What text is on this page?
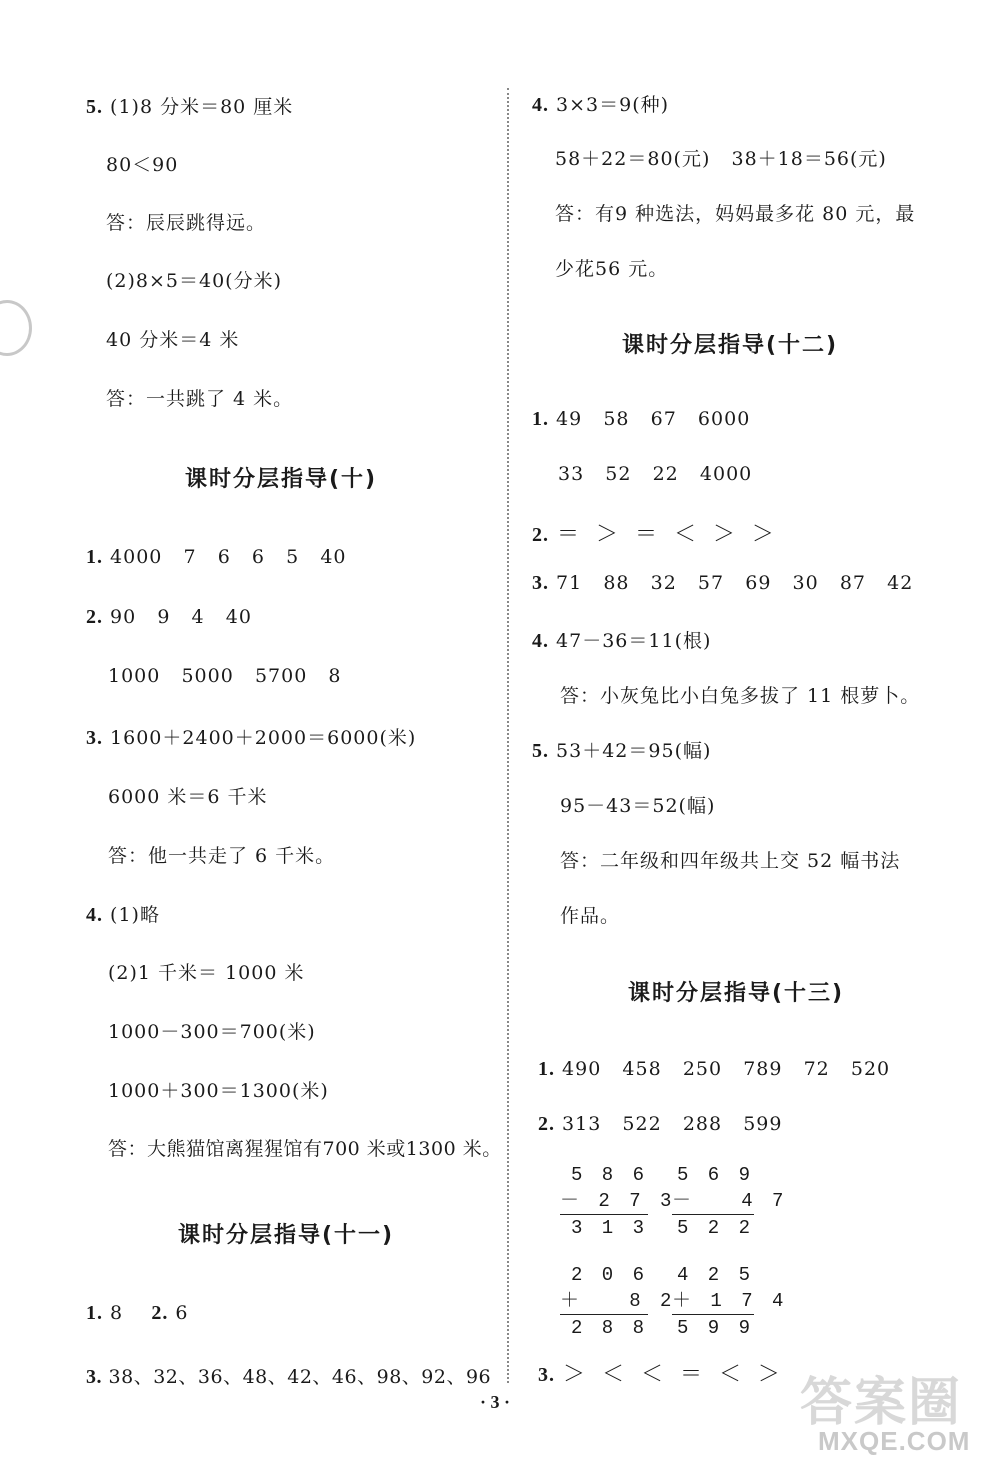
5. (1)8 分米＝80 厘米
80＜90
答：辰辰跳得远。
(2)8×5＝40(分米)
40 分米＝4 米
答：一共跳了 4 米。
课时分层指导(十)
1. 4000   7   6   6   5   40
2. 90   9   4   40
1000   5000   5700   8
3. 1600＋2400＋2000＝6000(米)
6000 米＝6 千米
答：他一共走了 6 千米。
4. (1)略
(2)1 千米＝ 1000 米
1000－300＝700(米)
1000＋300＝1300(米)
答：大熊猫馆离猩猩馆有700 米或1300 米。
课时分层指导(十一)
1. 8 2. 6
3. 38、32、36、48、42、46、98、92、96
4. 3×3＝9(种)
58＋22＝80(元)   38＋18＝56(元)
答：有9 种选法，妈妈最多花 80 元，最
少花56 元。
课时分层指导(十二)
1. 49   58   67   6000
33   52   22   4000
2. ＝  ＞  ＝  ＜  ＞  ＞
3. 71   88   32   57   69   30   87   42
4. 47－36＝11(根)
答：小灰兔比小白兔多拔了 11 根萝卜。
5. 53＋42＝95(幅)
95－43＝52(幅)
答：二年级和四年级共上交 52 幅书法
作品。
课时分层指导(十三)
1. 490   458   250   789   72   520
2. 313   522   288   599
5 8 6
－ 2 7 3
3 1 3
5 6 9
－   4 7
5 2 2
2 0 6
＋   8 2
2 8 8
4 2 5
＋ 1 7 4
5 9 9
3. ＞  ＜  ＜  ＝  ＜  ＞
· 3 ·	答案圈
MXQE.COM
